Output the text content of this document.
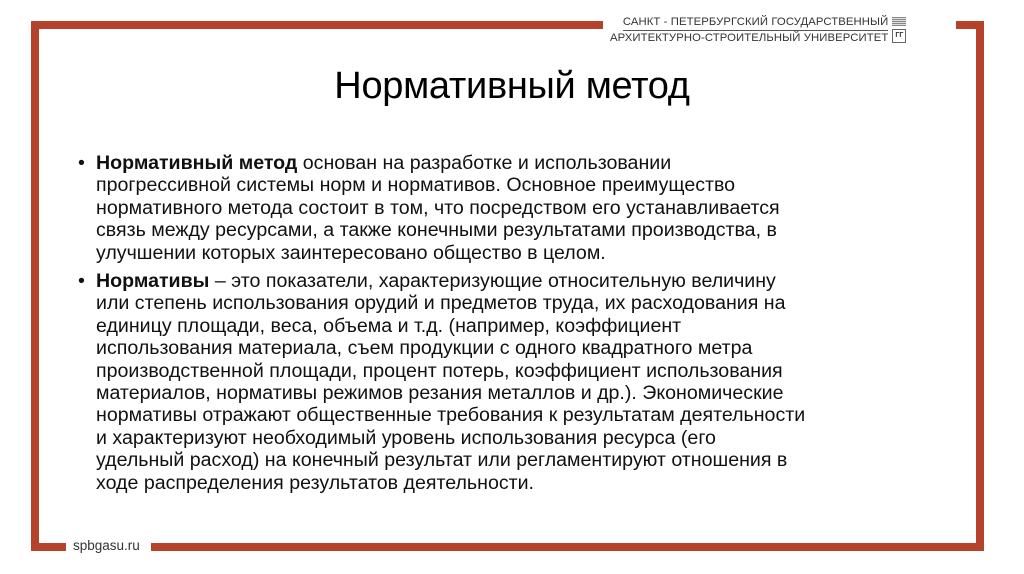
САНКТ - ПЕТЕРБУРГСКИЙ ГОСУДАРСТВЕННЫЙ
АРХИТЕКТУРНО-СТРОИТЕЛЬНЫЙ УНИВЕРСИТЕТ	ГГ
Нормативный метод
• Нормативный метод основан на разработке и использовании
прогрессивной системы норм и нормативов. Основное преимущество
нормативного метода состоит в том, что посредством его устанавливается
связь между ресурсами, а также конечными результатами производства, в
улучшении которых заинтересовано общество в целом.
• Нормативы – это показатели, характеризующие относительную величину
или степень использования орудий и предметов труда, их расходования на
единицу площади, веса, объема и т.д. (например, коэффициент
использования материала, съем продукции с одного квадратного метра
производственной площади, процент потерь, коэффициент использования
материалов, нормативы режимов резания металлов и др.). Экономические
нормативы отражают общественные требования к результатам деятельности
и характеризуют необходимый уровень использования ресурса (его
удельный расход) на конечный результат или регламентируют отношения в
ходе распределения результатов деятельности.
spbgasu.ru
